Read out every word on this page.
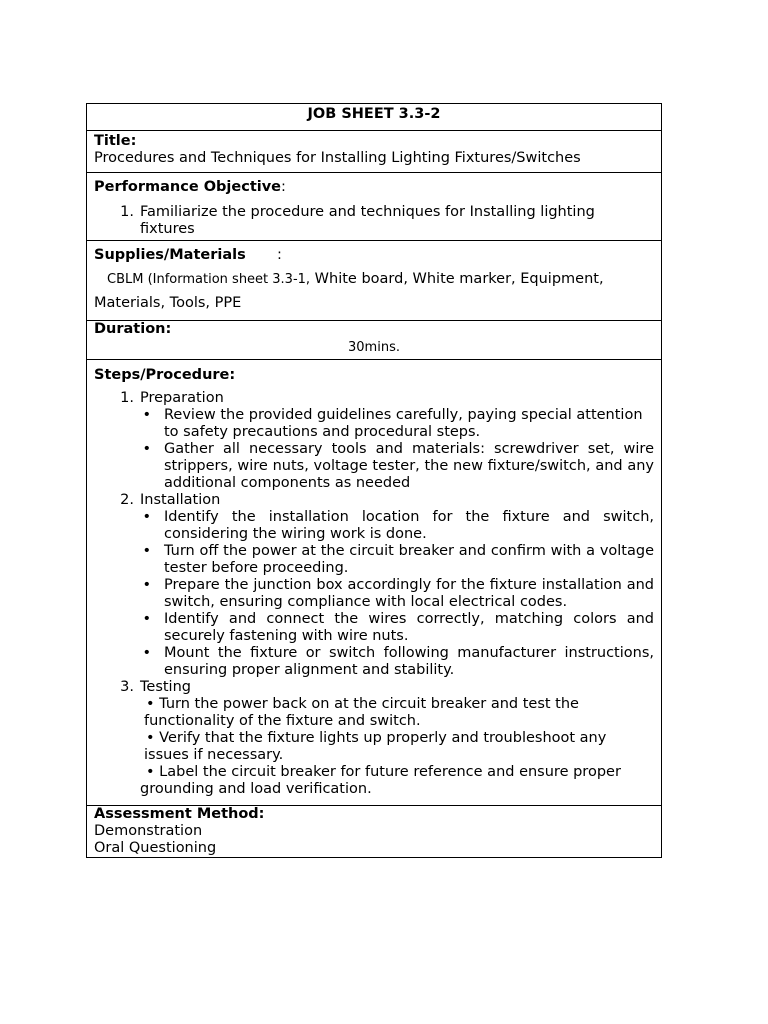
JOB SHEET 3.3-2

Title:
Procedures and Techniques for Installing Lighting Fixtures/Switches

Performance Objective:
1. Familiarize the procedure and techniques for Installing lighting fixtures

Supplies/Materials :
CBLM (Information sheet 3.3-1, White board, White marker, Equipment,
Materials, Tools, PPE

Duration:
30mins.

Steps/Procedure:
1. Preparation
• Review the provided guidelines carefully, paying special attention to safety precautions and procedural steps.
• Gather all necessary tools and materials: screwdriver set, wire strippers, wire nuts, voltage tester, the new fixture/switch, and any additional components as needed
2. Installation
• Identify the installation location for the fixture and switch, considering the wiring work is done.
• Turn off the power at the circuit breaker and confirm with a voltage tester before proceeding.
• Prepare the junction box accordingly for the fixture installation and switch, ensuring compliance with local electrical codes.
• Identify and connect the wires correctly, matching colors and securely fastening with wire nuts.
• Mount the fixture or switch following manufacturer instructions, ensuring proper alignment and stability.
3. Testing
• Turn the power back on at the circuit breaker and test the
functionality of the fixture and switch.
• Verify that the fixture lights up properly and troubleshoot any
issues if necessary.
• Label the circuit breaker for future reference and ensure proper
grounding and load verification.

Assessment Method:
Demonstration
Oral Questioning
